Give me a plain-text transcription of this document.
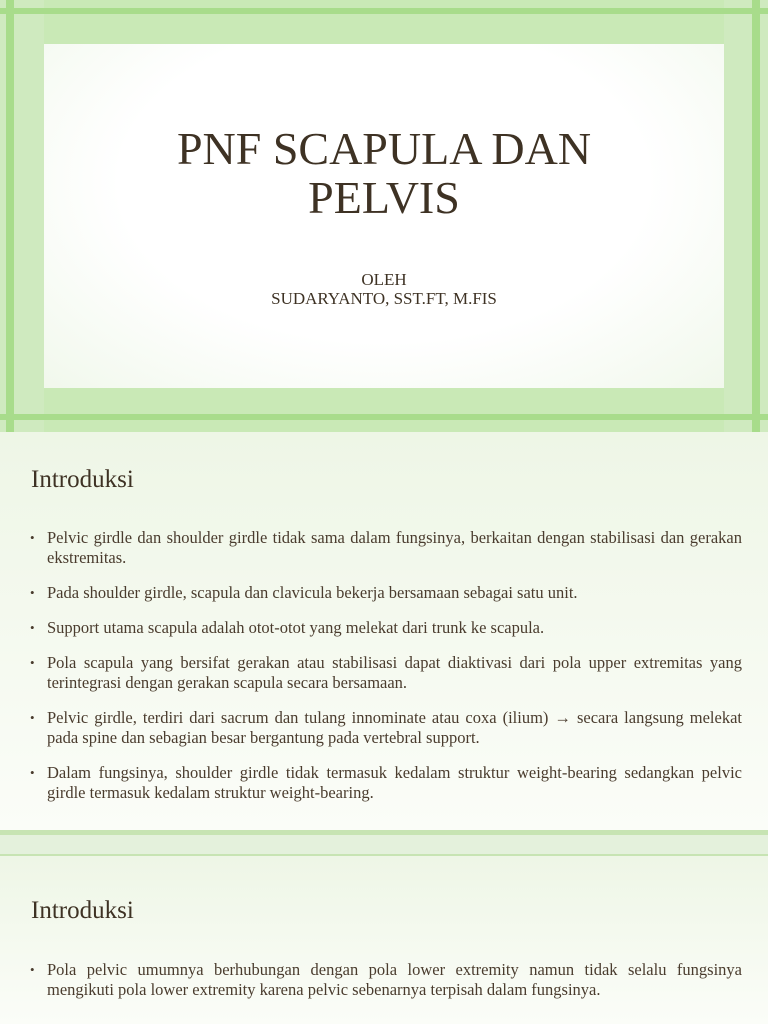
PNF SCAPULA DAN
PELVIS
OLEH
SUDARYANTO, SST.FT, M.FIS
Introduksi
• Pelvic girdle dan shoulder girdle tidak sama dalam fungsinya, berkaitan dengan stabilisasi dan gerakan ekstremitas.
• Pada shoulder girdle, scapula dan clavicula bekerja bersamaan sebagai satu unit.
• Support utama scapula adalah otot-otot yang melekat dari trunk ke scapula.
• Pola scapula yang bersifat gerakan atau stabilisasi dapat diaktivasi dari pola upper extremitas yang terintegrasi dengan gerakan scapula secara bersamaan.
• Pelvic girdle, terdiri dari sacrum dan tulang innominate atau coxa (ilium) → secara langsung melekat pada spine dan sebagian besar bergantung pada vertebral support.
• Dalam fungsinya, shoulder girdle tidak termasuk kedalam struktur weight-bearing sedangkan pelvic girdle termasuk kedalam struktur weight-bearing.
Introduksi
• Pola pelvic umumnya berhubungan dengan pola lower extremity namun tidak selalu fungsinya mengikuti pola lower extremity karena pelvic sebenarnya terpisah dalam fungsinya.
